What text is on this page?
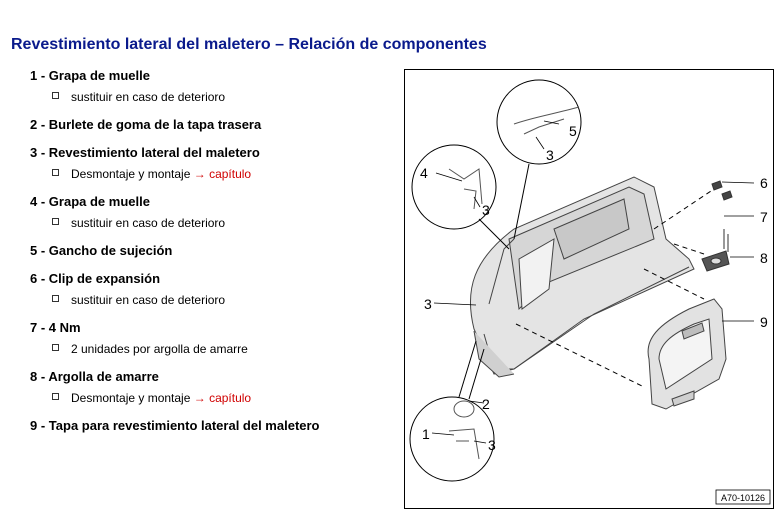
Revestimiento lateral del maletero – Relación de componentes

1 - Grapa de muelle

sustituir en caso de deterioro

2 - Burlete de goma de la tapa trasera

3 - Revestimiento lateral del maletero

Desmontaje y montaje → capítulo

4 - Grapa de muelle

sustituir en caso de deterioro

5 - Gancho de sujeción

6 - Clip de expansión

sustituir en caso de deterioro

7 - 4 Nm

2 unidades por argolla de amarre

8 - Argolla de amarre

Desmontaje y montaje → capítulo

9 - Tapa para revestimiento lateral del maletero

5
3
4
3
2
1
3
6
7
8
9
3
A70-10126
